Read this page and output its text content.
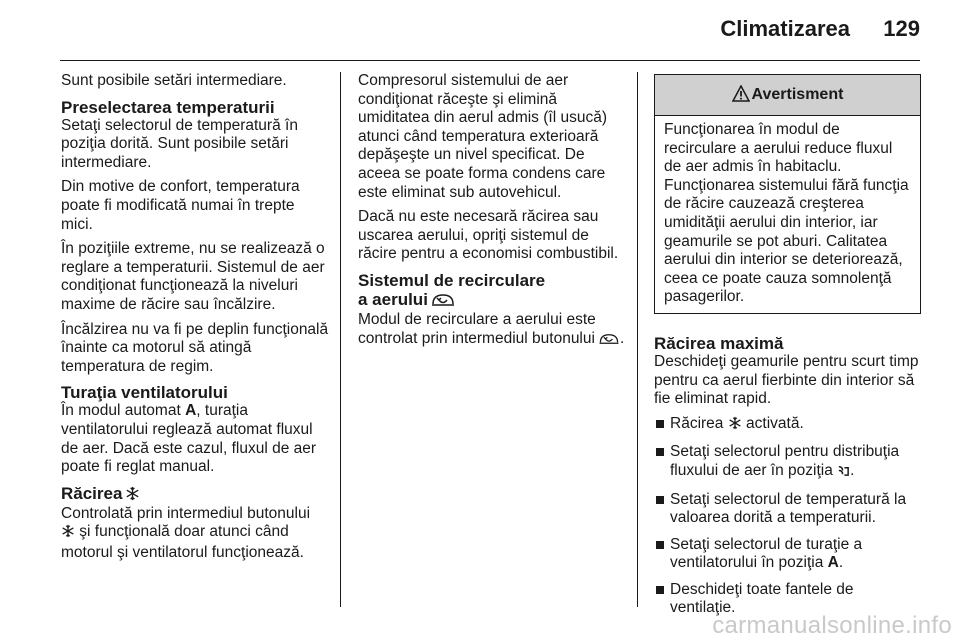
Climatizarea 129

Sunt posibile setări intermediare.

Preselectarea temperaturii

Setaţi selectorul de temperatură în poziţia dorită. Sunt posibile setări intermediare.

Din motive de confort, temperatura poate fi modificată numai în trepte mici.

În poziţiile extreme, nu se realizează o reglare a temperaturii. Sistemul de aer condiţionat funcţionează la niveluri maxime de răcire sau încălzire.

Încălzirea nu va fi pe deplin funcţională înainte ca motorul să atingă temperatura de regim.

Turaţia ventilatorului

În modul automat A, turaţia ventilatorului reglează automat fluxul de aer. Dacă este cazul, fluxul de aer poate fi reglat manual.

Răcirea

Controlată prin intermediul butonului
şi funcţională doar atunci când motorul şi ventilatorul funcţionează.

Compresorul sistemului de aer condiţionat răceşte şi elimină umiditatea din aerul admis (îl usucă) atunci când temperatura exterioară depăşeşte un nivel specificat. De aceea se poate forma condens care este eliminat sub autovehicul.

Dacă nu este necesară răcirea sau uscarea aerului, opriţi sistemul de răcire pentru a economisi combustibil.

Sistemul de recirculare
a aerului

Modul de recirculare a aerului este controlat prin intermediul butonului .

Avertisment
Funcţionarea în modul de recirculare a aerului reduce fluxul de aer admis în habitaclu. Funcţionarea sistemului fără funcţia de răcire cauzează creşterea umidităţii aerului din interior, iar geamurile se pot aburi. Calitatea aerului din interior se deteriorează, ceea ce poate cauza somnolenţă pasagerilor.
Răcirea maximă

Deschideţi geamurile pentru scurt timp pentru ca aerul fierbinte din interior să fie eliminat rapid.

Răcirea  activată.
Setaţi selectorul pentru distribuţia fluxului de aer în poziţia .
Setaţi selectorul de temperatură la valoarea dorită a temperaturii.
Setaţi selectorul de turaţie a ventilatorului în poziţia A.
Deschideţi toate fantele de ventilaţie.
carmanualsonline.info
